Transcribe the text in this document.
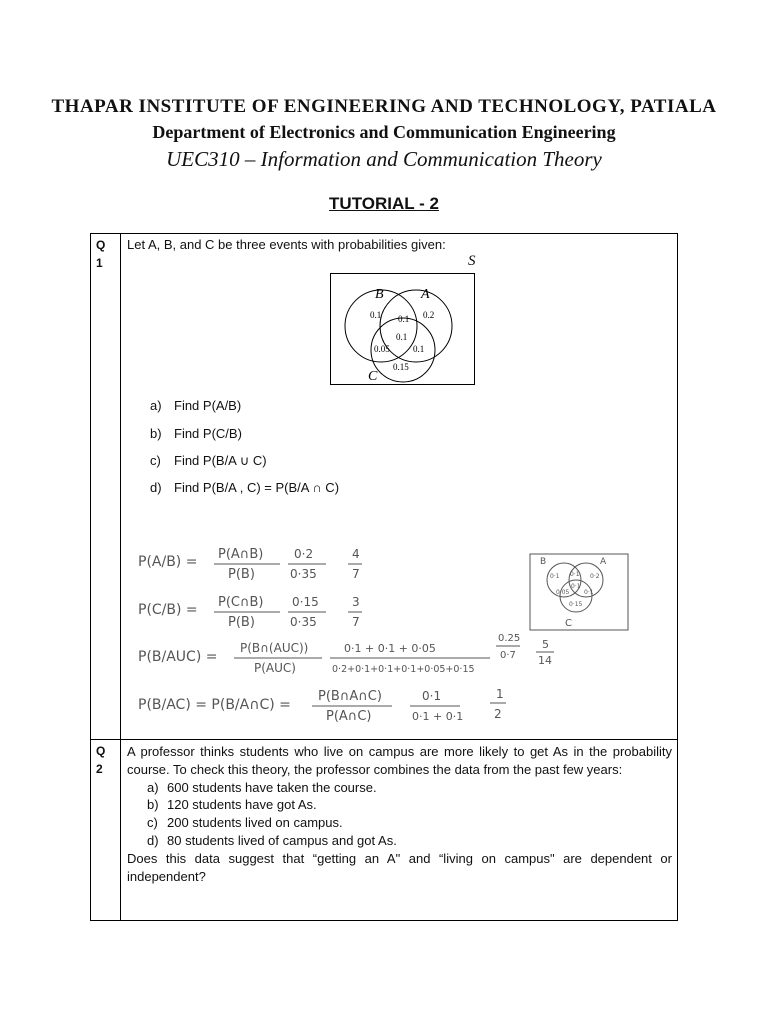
THAPAR INSTITUTE OF ENGINEERING AND TECHNOLOGY, PATIALA
Department of Electronics and Communication Engineering
UEC310 – Information and Communication Theory
TUTORIAL - 2
Q
1
Let A, B, and C be three events with probabilities given:
S
B	A
C
0.1 0.1 0.2
0.1
0.05	0.1
0.15
a) Find P(A/B)
b) Find P(C/B)
c) Find P(B/A ∪ C)
d) Find P(B/A , C) = P(B/A ∩ C)
P(A/B) = P(A∩B)
P(B)
0·2
0·35
4
7
P(C/B) = P(C∩B)
P(B)
0·15
0·35
3
7
P(B/AUC) =
P(B∩(AUC))
P(AUC)
0·1 + 0·1 + 0·05
0·2+0·1+0·1+0·1+0·05+0·15
0.25
0·7
5
14
P(B/AC) = P(B/A∩C) =
P(B∩A∩C)
P(A∩C)
0·1
0·1 + 0·1
1
2
B	A
C
0·1 0·1 0·2
0·1
0·05 0·1
0·15
Q
2
A professor thinks students who live on campus are more likely to get As in the probability course. To check this theory, the professor combines the data from the past few years:
a) 600 students have taken the course.
b) 120 students have got As.
c) 200 students lived on campus.
d) 80 students lived of campus and got As.
Does this data suggest that “getting an A" and “living on campus" are dependent or independent?
